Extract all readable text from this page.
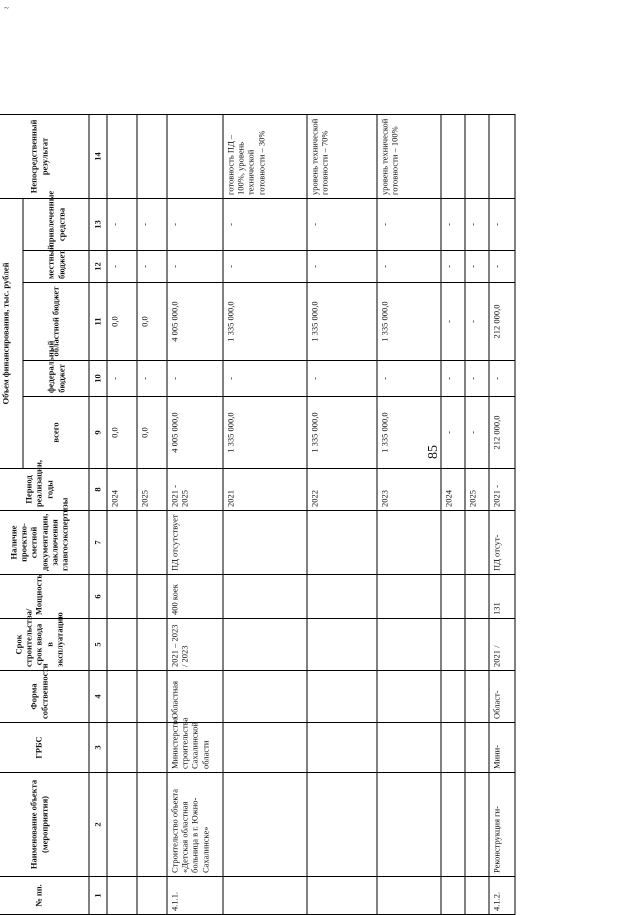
~
85
№ пп.	Наименование объекта (мероприятия)	ГРБС	Форма собственности	Срок строительства/срок ввода в эксплуатацию	Мощность	Наличие проектно-сметной документации, заключения главгосэкспертизы	Период реализации, годы	Объем финансирования, тыс. рублей					Непосредственный результат
								всего	федеральный бюджет	областной бюджет	местный бюджет	привлеченные средства	
1	2	3	4	5	6	7	8	9	10	11	12	13	14
							2024	0,0	-	0,0	-	-	
							2025	0,0	-	0,0	-	-	
4.1.1.	Строительство объекта «Детская областная больница в г. Южно-Сахалинске»	Министерство строительства Сахалинской области	Областная	2021 – 2023 / 2023	400 коек	ПД отсутствует	2021 - 2025	4 005 000,0	-	4 005 000,0	-	-	
							2021	1 335 000,0	-	1 335 000,0	-	-	готовность ПД – 100%, уровень технической готовности – 30%
							2022	1 335 000,0	-	1 335 000,0	-	-	уровень технической готовности – 70%
							2023	1 335 000,0	-	1 335 000,0	-	-	уровень технической готовности – 100%
							2024	-	-	-	-	-	
							2025	-	-	-	-	-	
4.1.2.	Реконструкция ги-	Мини-	Област-	2021 /	131	ПД отсут-	2021 -	212 000,0	-	212 000,0	-	-	
